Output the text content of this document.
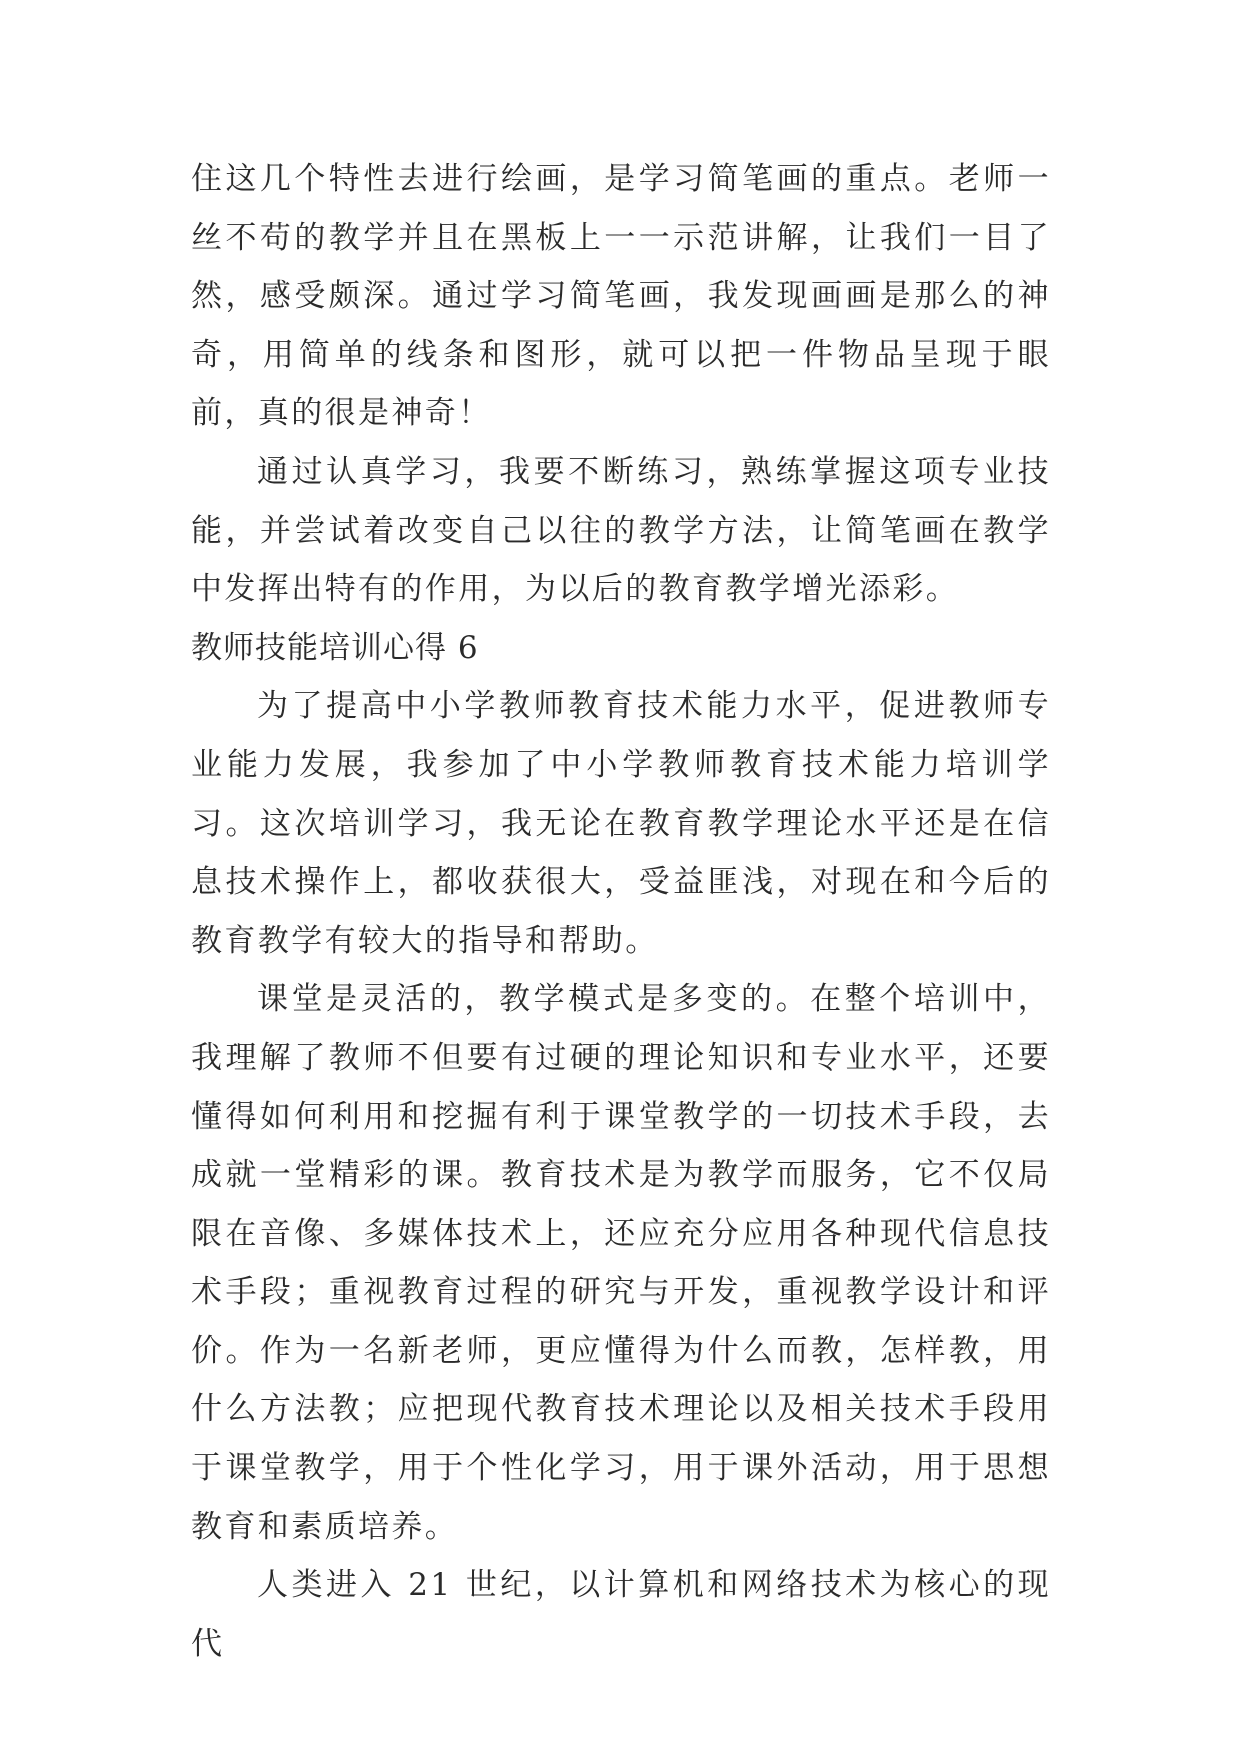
住这几个特性去进行绘画，是学习简笔画的重点。老师一丝不苟的教学并且在黑板上一一示范讲解，让我们一目了然，感受颇深。通过学习简笔画，我发现画画是那么的神奇，用简单的线条和图形，就可以把一件物品呈现于眼前，真的很是神奇！

通过认真学习，我要不断练习，熟练掌握这项专业技能，并尝试着改变自己以往的教学方法，让简笔画在教学中发挥出特有的作用，为以后的教育教学增光添彩。

教师技能培训心得 6

为了提高中小学教师教育技术能力水平，促进教师专业能力发展，我参加了中小学教师教育技术能力培训学习。这次培训学习，我无论在教育教学理论水平还是在信息技术操作上，都收获很大，受益匪浅，对现在和今后的教育教学有较大的指导和帮助。

课堂是灵活的，教学模式是多变的。在整个培训中，我理解了教师不但要有过硬的理论知识和专业水平，还要懂得如何利用和挖掘有利于课堂教学的一切技术手段，去成就一堂精彩的课。教育技术是为教学而服务，它不仅局限在音像、多媒体技术上，还应充分应用各种现代信息技术手段；重视教育过程的研究与开发，重视教学设计和评价。作为一名新老师，更应懂得为什么而教，怎样教，用什么方法教；应把现代教育技术理论以及相关技术手段用于课堂教学，用于个性化学习，用于课外活动，用于思想教育和素质培养。

人类进入 21 世纪，以计算机和网络技术为核心的现代
